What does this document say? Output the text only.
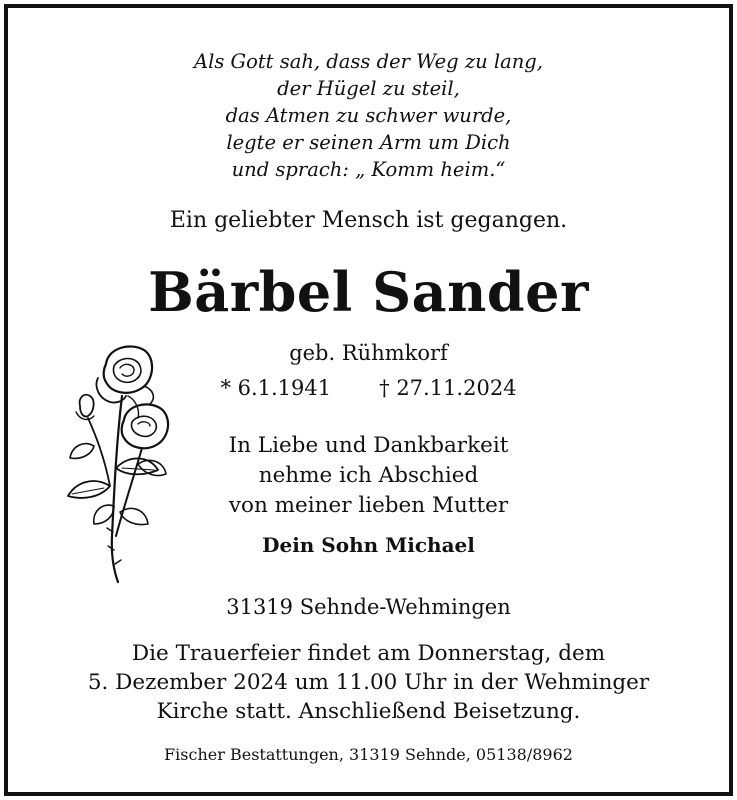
Als Gott sah, dass der Weg zu lang,
der Hügel zu steil,
das Atmen zu schwer wurde,
legte er seinen Arm um Dich
und sprach: „ Komm heim.“
Ein geliebter Mensch ist gegangen.
Bärbel Sander
geb. Rühmkorf
* 6.1.1941 † 27.11.2024
In Liebe und Dankbarkeit
nehme ich Abschied
von meiner lieben Mutter
Dein Sohn Michael
31319 Sehnde-Wehmingen
Die Trauerfeier findet am Donnerstag, dem
5. Dezember 2024 um 11.00 Uhr in der Wehminger
Kirche statt. Anschließend Beisetzung.
Fischer Bestattungen, 31319 Sehnde, 05138/8962
